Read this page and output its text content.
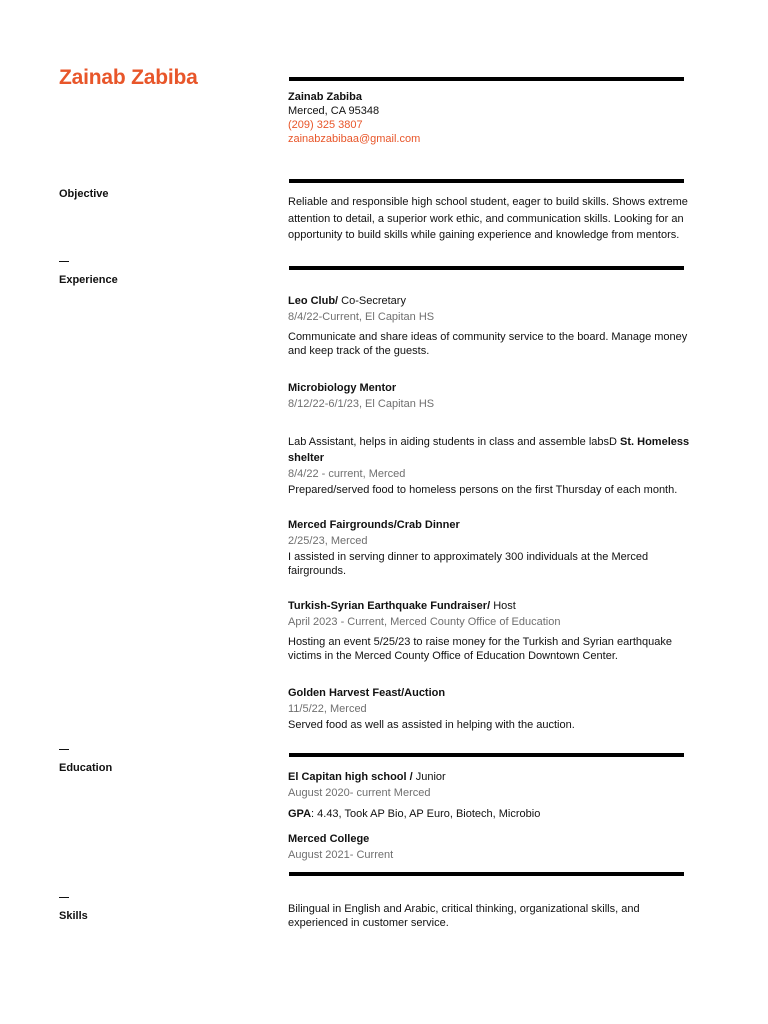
Zainab Zabiba
Zainab Zabiba
Merced, CA 95348
(209) 325 3807
zainabzabibaa@gmail.com
Objective
Reliable and responsible high school student, eager to build skills. Shows extreme attention to detail, a superior work ethic, and communication skills. Looking for an opportunity to build skills while gaining experience and knowledge from mentors.
Experience
Leo Club/ Co-Secretary
8/4/22-Current, El Capitan HS
Communicate and share ideas of community service to the board. Manage money and keep track of the guests.
Microbiology Mentor
8/12/22-6/1/23, El Capitan HS
Lab Assistant, helps in aiding students in class and assemble labsD St. Homeless shelter
8/4/22 - current, Merced
Prepared/served food to homeless persons on the first Thursday of each month.
Merced Fairgrounds/Crab Dinner
2/25/23, Merced
I assisted in serving dinner to approximately 300 individuals at the Merced fairgrounds.
Turkish-Syrian Earthquake Fundraiser/ Host
April 2023 - Current, Merced County Office of Education
Hosting an event 5/25/23 to raise money for the Turkish and Syrian earthquake victims in the Merced County Office of Education Downtown Center.
Golden Harvest Feast/Auction
11/5/22, Merced
Served food as well as assisted in helping with the auction.
Education
El Capitan high school / Junior
August 2020- current Merced
GPA: 4.43, Took AP Bio, AP Euro, Biotech, Microbio
Merced College
August 2021- Current
Skills
Bilingual in English and Arabic, critical thinking, organizational skills, and experienced in customer service.
